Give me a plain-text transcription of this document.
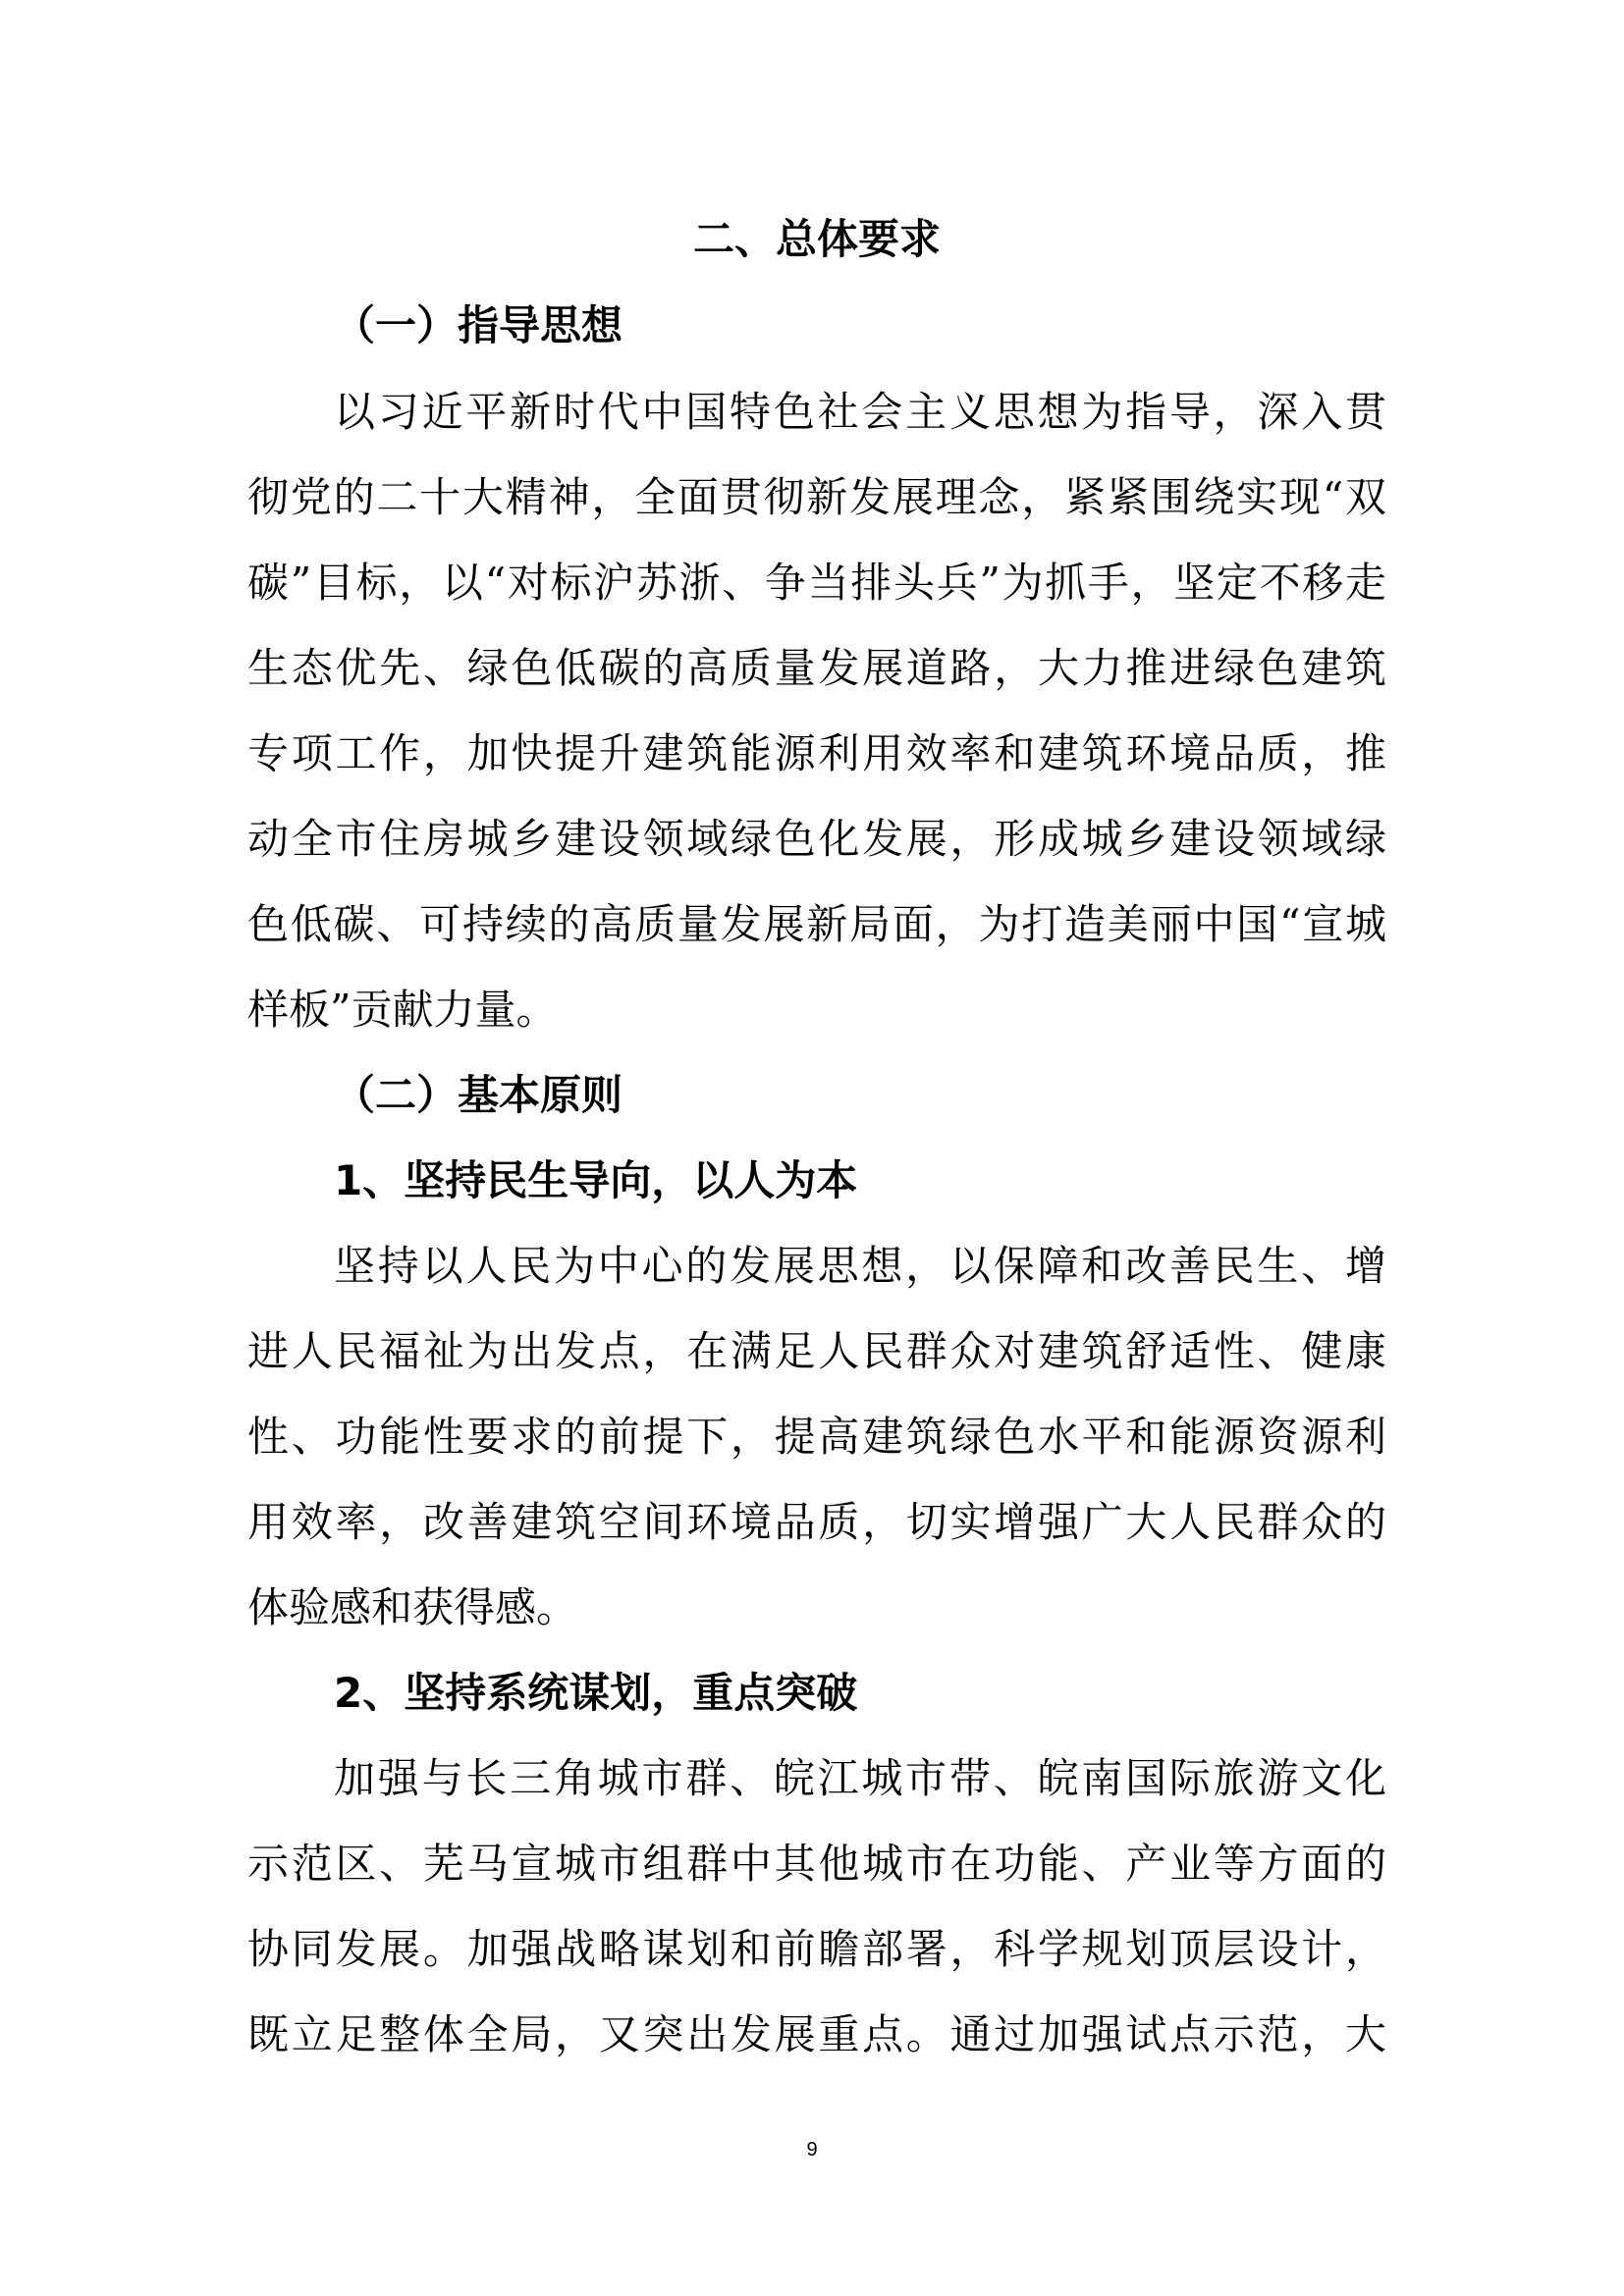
二、总体要求
（一）指导思想
以习近平新时代中国特色社会主义思想为指导，深入贯
彻党的二十大精神，全面贯彻新发展理念，紧紧围绕实现“双
碳”目标，以“对标沪苏浙、争当排头兵”为抓手，坚定不移走
生态优先、绿色低碳的高质量发展道路，大力推进绿色建筑
专项工作，加快提升建筑能源利用效率和建筑环境品质，推
动全市住房城乡建设领域绿色化发展，形成城乡建设领域绿
色低碳、可持续的高质量发展新局面，为打造美丽中国“宣城
样板”贡献力量。
（二）基本原则
1、坚持民生导向，以人为本
坚持以人民为中心的发展思想，以保障和改善民生、增
进人民福祉为出发点，在满足人民群众对建筑舒适性、健康
性、功能性要求的前提下，提高建筑绿色水平和能源资源利
用效率，改善建筑空间环境品质，切实增强广大人民群众的
体验感和获得感。
2、坚持系统谋划，重点突破
加强与长三角城市群、皖江城市带、皖南国际旅游文化
示范区、芜马宣城市组群中其他城市在功能、产业等方面的
协同发展。加强战略谋划和前瞻部署，科学规划顶层设计，
既立足整体全局，又突出发展重点。通过加强试点示范，大
9
